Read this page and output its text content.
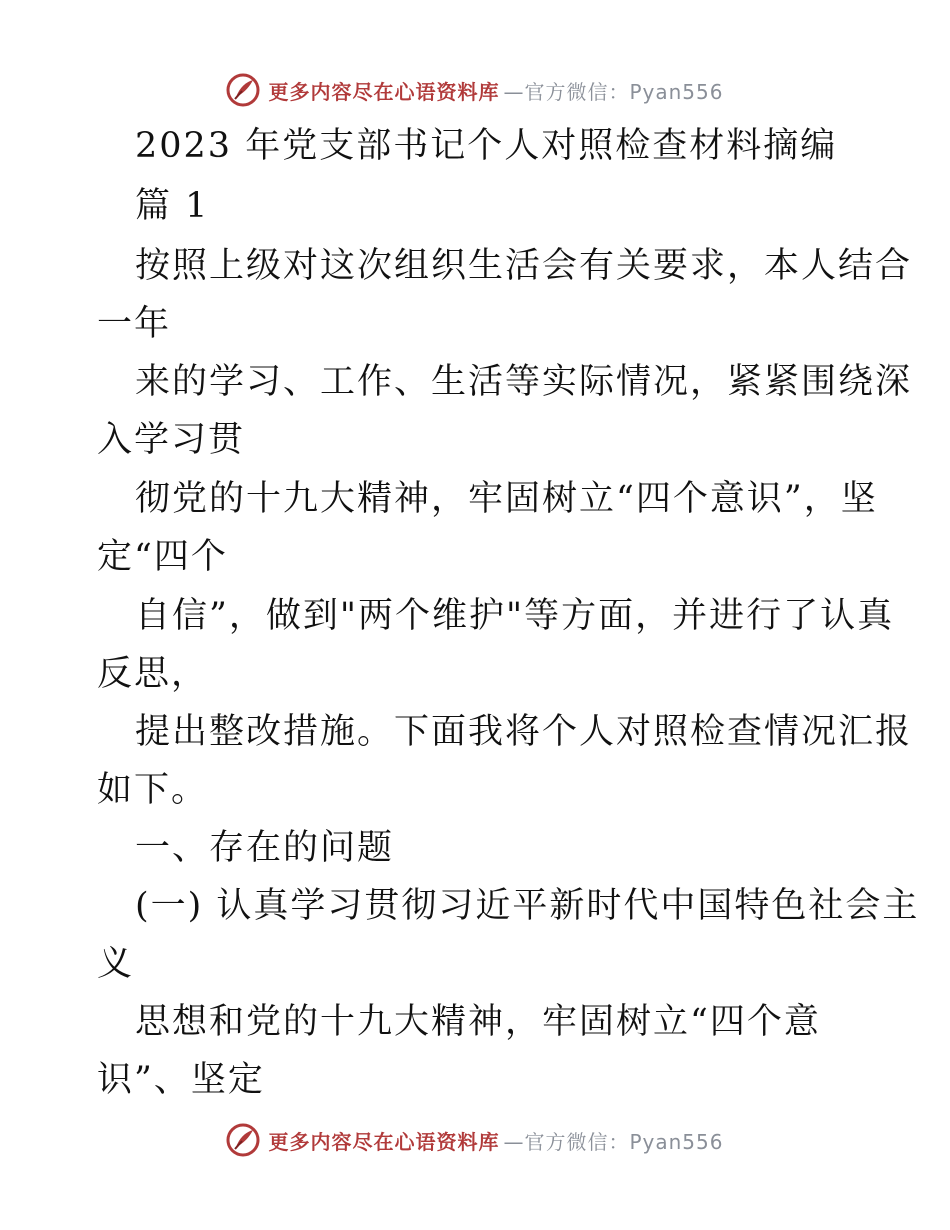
更多内容尽在心语资料库 —官方微信：Pyan556
2023 年党支部书记个人对照检查材料摘编
篇 1
按照上级对这次组织生活会有关要求，本人结合
一年
来的学习、工作、生活等实际情况，紧紧围绕深
入学习贯
彻党的十九大精神，牢固树立“四个意识”，坚
定“四个
自信”，做到"两个维护"等方面，并进行了认真
反思，
提出整改措施。下面我将个人对照检查情况汇报
如下。
一、存在的问题
(一) 认真学习贯彻习近平新时代中国特色社会主
义
思想和党的十九大精神，牢固树立“四个意
识”、坚定
更多内容尽在心语资料库 —官方微信：Pyan556
